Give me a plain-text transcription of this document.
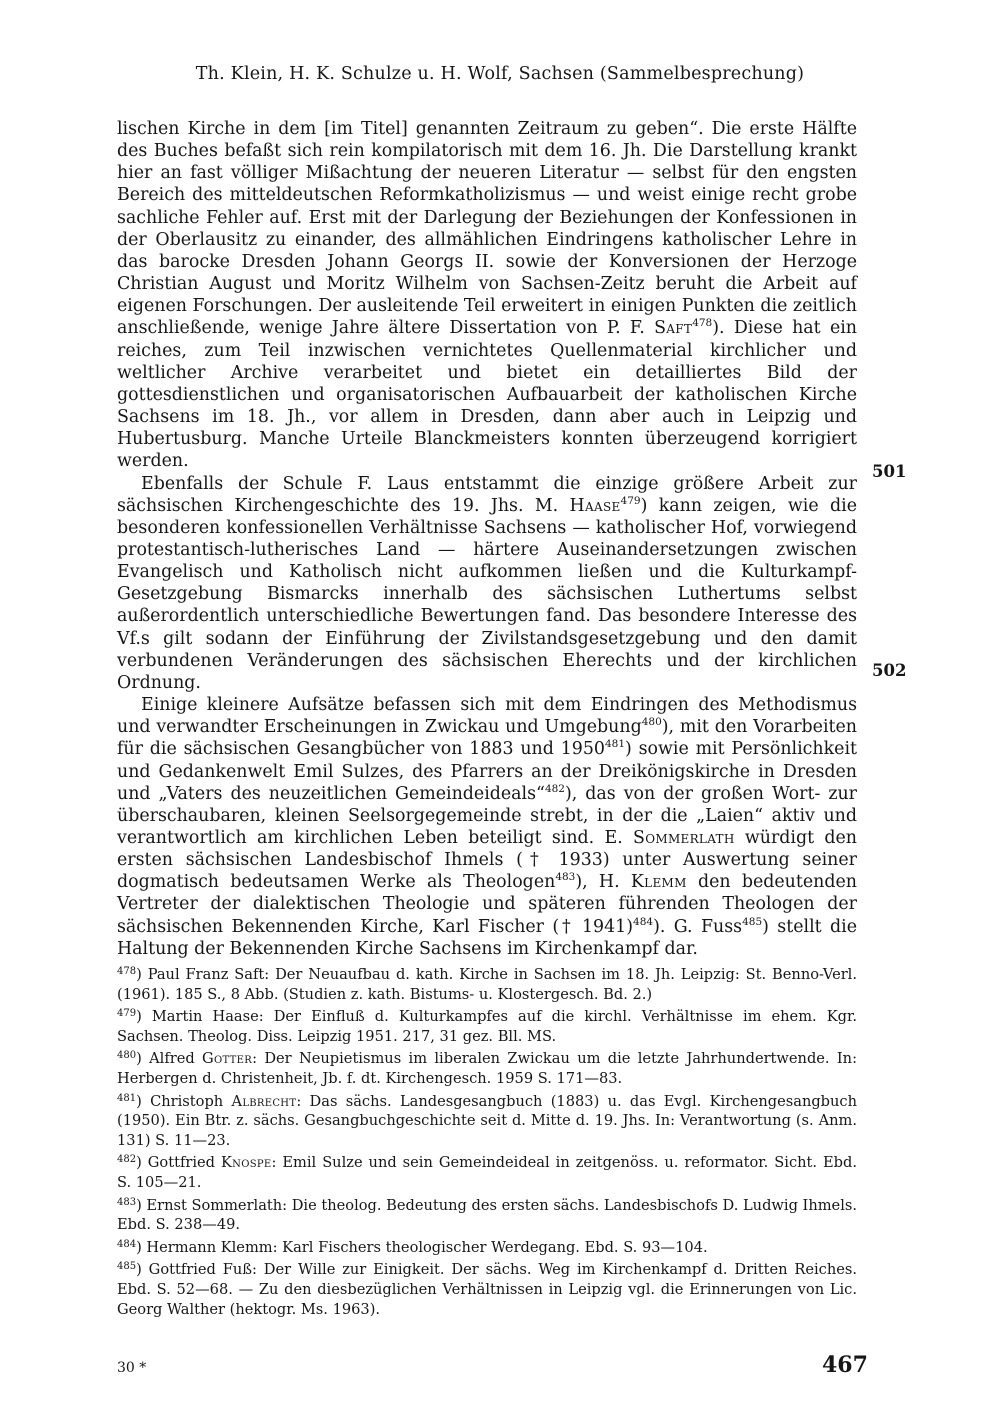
Th. Klein, H. K. Schulze u. H. Wolf, Sachsen (Sammelbesprechung)

lischen Kirche in dem [im Titel] genannten Zeitraum zu geben“. Die erste Hälfte des Buches befaßt sich rein kompilatorisch mit dem 16. Jh. Die Darstellung krankt hier an fast völliger Mißachtung der neueren Literatur — selbst für den engsten Bereich des mitteldeutschen Reformkatholizismus — und weist einige recht grobe sachliche Fehler auf. Erst mit der Darlegung der Beziehungen der Konfessionen in der Oberlausitz zu einander, des allmählichen Eindringens katholischer Lehre in das barocke Dresden Johann Georgs II. sowie der Konversionen der Herzoge Christian August und Moritz Wilhelm von Sachsen-Zeitz beruht die Arbeit auf eigenen Forschungen. Der ausleitende Teil erweitert in einigen Punkten die zeitlich anschließende, wenige Jahre ältere Dissertation von P. F. Saft$^{478}$). Diese hat ein reiches, zum Teil inzwischen vernichtetes Quellenmaterial kirchlicher und weltlicher Archive verarbeitet und bietet ein detailliertes Bild der gottesdienstlichen und organisatorischen Aufbauarbeit der katholischen Kirche Sachsens im 18. Jh., vor allem in Dresden, dann aber auch in Leipzig und Hubertusburg. Manche Urteile Blanckmeisters konnten überzeugend korrigiert werden.

Ebenfalls der Schule F. Laus entstammt die einzige größere Arbeit zur sächsischen Kirchengeschichte des 19. Jhs. M. Haase$^{479}$) kann zeigen, wie die besonderen konfessionellen Verhältnisse Sachsens — katholischer Hof, vorwiegend protestantisch-lutherisches Land — härtere Auseinandersetzungen zwischen Evangelisch und Katholisch nicht aufkommen ließen und die Kulturkampf-Gesetzgebung Bismarcks innerhalb des sächsischen Luthertums selbst außerordentlich unterschiedliche Bewertungen fand. Das besondere Interesse des Vf.s gilt sodann der Einführung der Zivilstandsgesetzgebung und den damit verbundenen Veränderungen des sächsischen Eherechts und der kirchlichen Ordnung.

Einige kleinere Aufsätze befassen sich mit dem Eindringen des Methodismus und verwandter Erscheinungen in Zwickau und Umgebung$^{480}$), mit den Vorarbeiten für die sächsischen Gesangbücher von 1883 und 1950$^{481}$) sowie mit Persönlichkeit und Gedankenwelt Emil Sulzes, des Pfarrers an der Dreikönigskirche in Dresden und „Vaters des neuzeitlichen Gemeindeideals“$^{482}$), das von der großen Wort- zur überschaubaren, kleinen Seelsorgegemeinde strebt, in der die „Laien“ aktiv und verantwortlich am kirchlichen Leben beteiligt sind. E. Sommerlath würdigt den ersten sächsischen Landesbischof Ihmels († 1933) unter Auswertung seiner dogmatisch bedeutsamen Werke als Theologen$^{483}$), H. Klemm den bedeutenden Vertreter der dialektischen Theologie und späteren führenden Theologen der sächsischen Bekennenden Kirche, Karl Fischer († 1941)$^{484}$). G. Fuss$^{485}$) stellt die Haltung der Bekennenden Kirche Sachsens im Kirchenkampf dar.

501
502

$^{478}$) Paul Franz Saft: Der Neuaufbau d. kath. Kirche in Sachsen im 18. Jh. Leipzig: St. Benno-Verl. (1961). 185 S., 8 Abb. (Studien z. kath. Bistums- u. Klostergesch. Bd. 2.)

$^{479}$) Martin Haase: Der Einfluß d. Kulturkampfes auf die kirchl. Verhältnisse im ehem. Kgr. Sachsen. Theolog. Diss. Leipzig 1951. 217, 31 gez. Bll. MS.

$^{480}$) Alfred Gotter: Der Neupietismus im liberalen Zwickau um die letzte Jahrhundertwende. In: Herbergen d. Christenheit, Jb. f. dt. Kirchengesch. 1959 S. 171—83.

$^{481}$) Christoph Albrecht: Das sächs. Landesgesangbuch (1883) u. das Evgl. Kirchengesangbuch (1950). Ein Btr. z. sächs. Gesangbuchgeschichte seit d. Mitte d. 19. Jhs. In: Verantwortung (s. Anm. 131) S. 11—23.

$^{482}$) Gottfried Knospe: Emil Sulze und sein Gemeindeideal in zeitgenöss. u. reformator. Sicht. Ebd. S. 105—21.

$^{483}$) Ernst Sommerlath: Die theolog. Bedeutung des ersten sächs. Landesbischofs D. Ludwig Ihmels. Ebd. S. 238—49.

$^{484}$) Hermann Klemm: Karl Fischers theologischer Werdegang. Ebd. S. 93—104.

$^{485}$) Gottfried Fuß: Der Wille zur Einigkeit. Der sächs. Weg im Kirchenkampf d. Dritten Reiches. Ebd. S. 52—68. — Zu den diesbezüglichen Verhältnissen in Leipzig vgl. die Erinnerungen von Lic. Georg Walther (hektogr. Ms. 1963).

30 *	467
